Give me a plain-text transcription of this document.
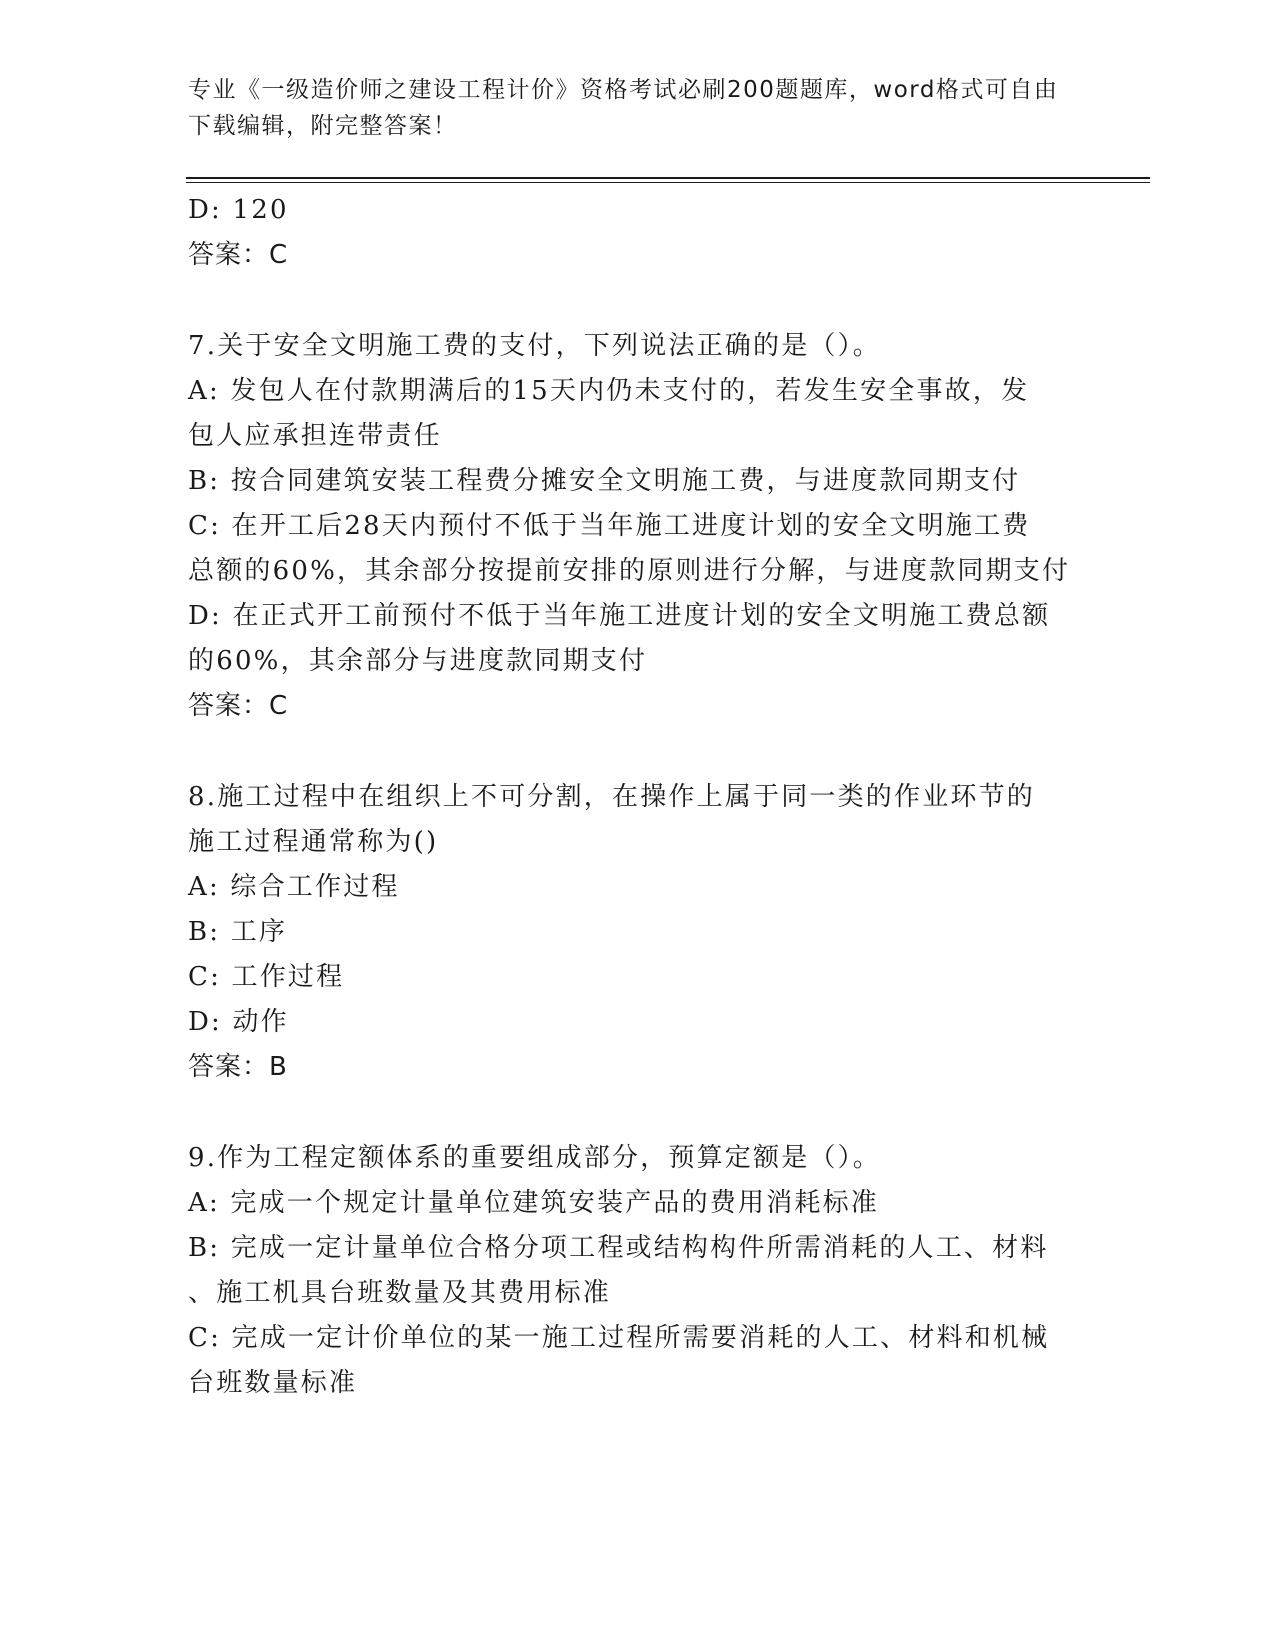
专业《一级造价师之建设工程计价》资格考试必刷200题题库，word格式可自由
下载编辑，附完整答案！
D: 120
答案：C
7.关于安全文明施工费的支付，下列说法正确的是（）。
A: 发包人在付款期满后的15天内仍未支付的，若发生安全事故，发
包人应承担连带责任
B: 按合同建筑安装工程费分摊安全文明施工费，与进度款同期支付
C: 在开工后28天内预付不低于当年施工进度计划的安全文明施工费
总额的60%，其余部分按提前安排的原则进行分解，与进度款同期支付
D: 在正式开工前预付不低于当年施工进度计划的安全文明施工费总额
的60%，其余部分与进度款同期支付
答案：C
8.施工过程中在组织上不可分割，在操作上属于同一类的作业环节的
施工过程通常称为()
A: 综合工作过程
B: 工序
C: 工作过程
D: 动作
答案：B
9.作为工程定额体系的重要组成部分，预算定额是（）。
A: 完成一个规定计量单位建筑安装产品的费用消耗标准
B: 完成一定计量单位合格分项工程或结构构件所需消耗的人工、材料
、施工机具台班数量及其费用标准
C: 完成一定计价单位的某一施工过程所需要消耗的人工、材料和机械
台班数量标准
